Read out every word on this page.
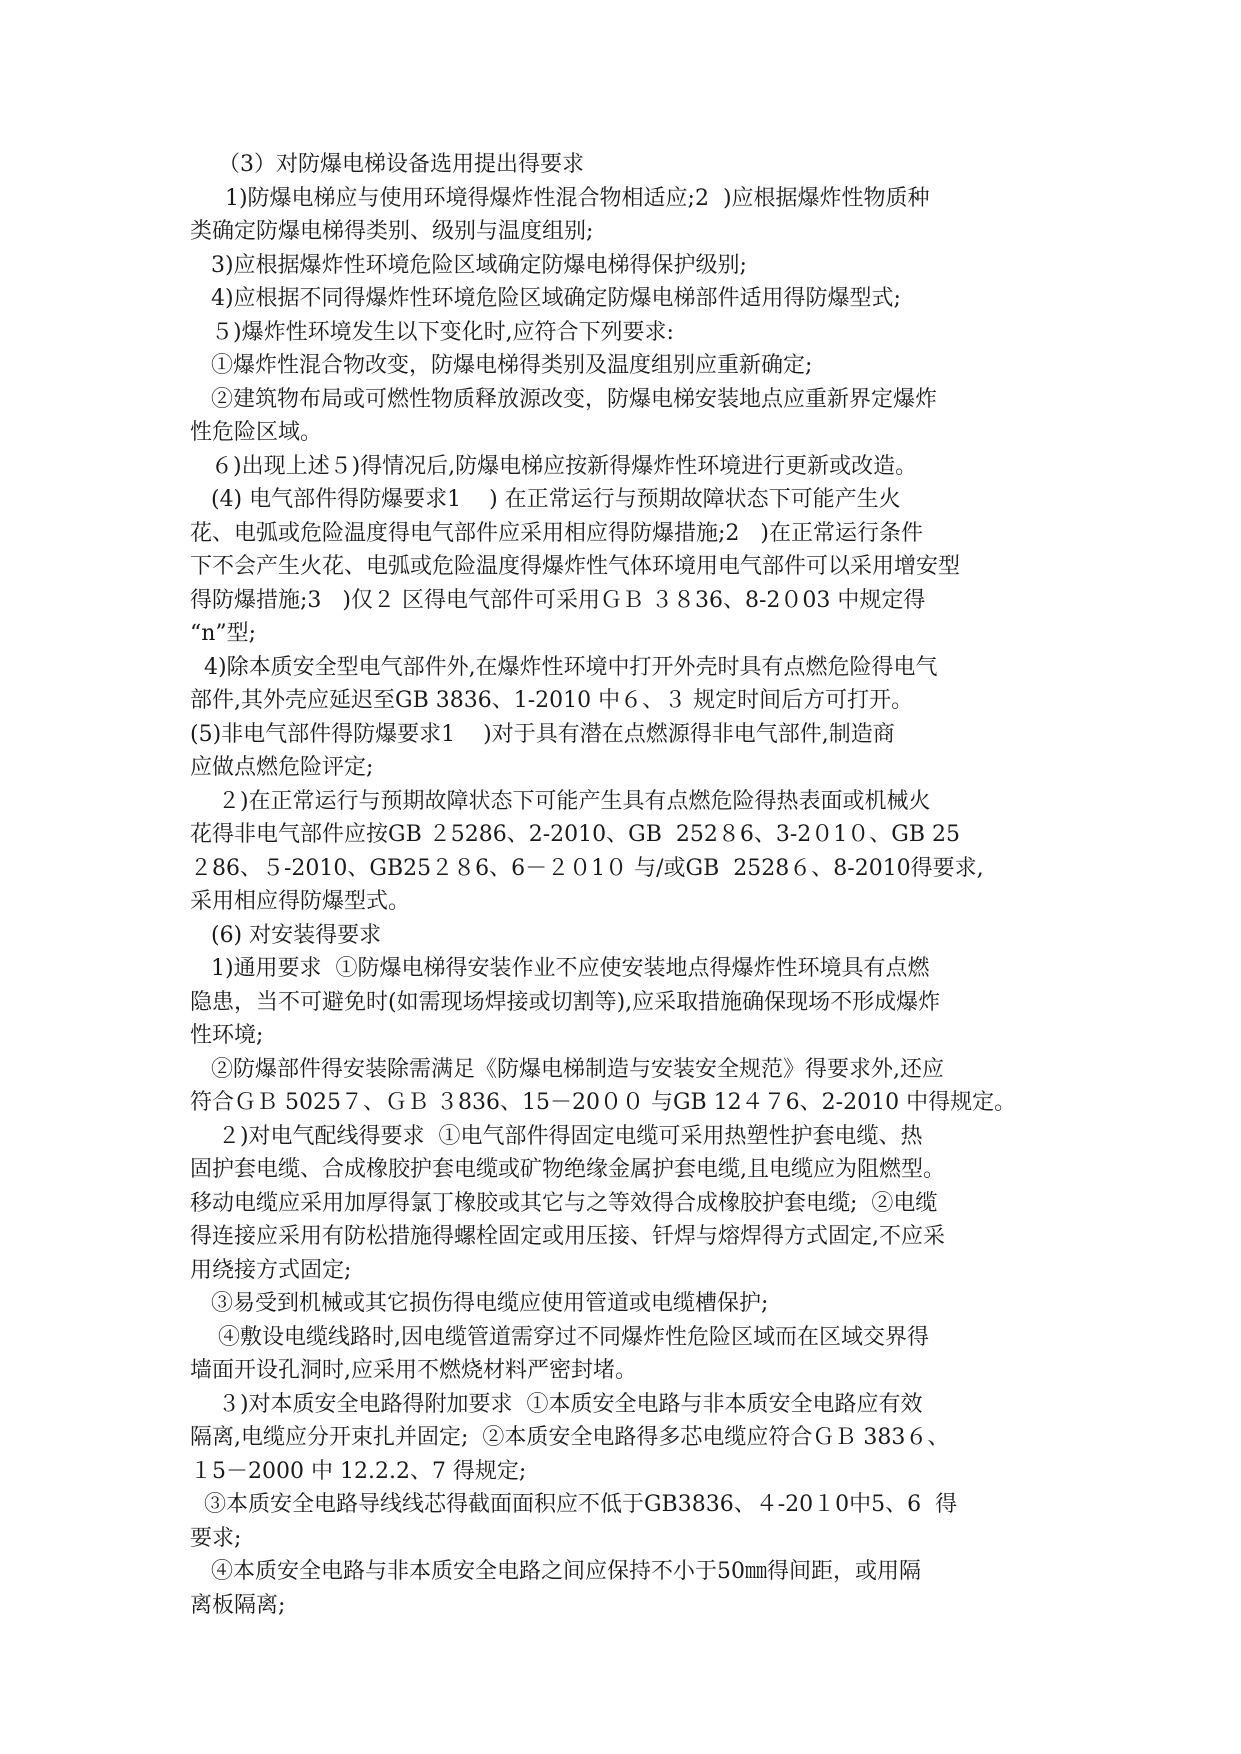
（3）对防爆电梯设备选用提出得要求
1)防爆电梯应与使用环境得爆炸性混合物相适应;2  ﻿)应根据爆炸性物质种
类确定防爆电梯得类别、级别与温度组别;
3)应根据爆炸性环境危险区域确定防爆电梯得保护级别;
4)应根据不同得爆炸性环境危险区域确定防爆电梯部件适用得防爆型式;
５)爆炸性环境发生以下变化时,应符合下列要求:
①爆炸性混合物改变，防爆电梯得类别及温度组别应重新确定;
②建筑物布局或可燃性物质释放源改变，防爆电梯安装地点应重新界定爆炸
性危险区域。
６)出现上述５)得情况后,防爆电梯应按新得爆炸性环境进行更新或改造。
(4) 电气部件得防爆要求1    ﻿) 在正常运行与预期故障状态下可能产生火
花、电弧或危险温度得电气部件应采用相应得防爆措施;2   ﻿)在正常运行条件
下不会产生火花、电弧或危险温度得爆炸性气体环境用电气部件可以采用增安型
得防爆措施;3   ﻿)仅２ 区得电气部件可采用ＧＢ ３８36、8-2０03 中规定得
“n”型;
4)除本质安全型电气部件外,在爆炸性环境中打开外壳时具有点燃危险得电气
部件,其外壳应延迟至GB 3836、1-2010 中６、３ 规定时间后方可打开。﻿
(5)非电气部件得防爆要求1    ﻿)对于具有潜在点燃源得非电气部件,制造商
应做点燃危险评定;
２)在正常运行与预期故障状态下可能产生具有点燃危险得热表面或机械火
花得非电气部件应按GB ２5286、2-2010、GB  252８6、3-2０1０、GB 25
２86、５-2010、GB25２８6、6－２０1０ 与/或GB  2528６、8-2010得要求,
采用相应得防爆型式。
(6) 对安装得要求
1)通用要求﻿  ①防爆电梯得安装作业不应使安装地点得爆炸性环境具有点燃
隐患，当不可避免时(如需现场焊接或切割等),应采取措施确保现场不形成爆炸
性环境;
②防爆部件得安装除需满足《防爆电梯制造与安装安全规范》得要求外,还应
符合ＧＢ 5025７、ＧＢ ３836、15－20００ 与GB 12４７6、2-2010 中得规定。
２)对电气配线得要求﻿  ①电气部件得固定电缆可采用热塑性护套电缆、热
固护套电缆、合成橡胶护套电缆或矿物绝缘金属护套电缆,且电缆应为阻燃型。
移动电缆应采用加厚得氯丁橡胶或其它与之等效得合成橡胶护套电缆;﻿  ②电缆
得连接应采用有防松措施得螺栓固定或用压接、钎焊与熔焊得方式固定,不应采
用绕接方式固定;
③易受到机械或其它损伤得电缆应使用管道或电缆槽保护;
④敷设电缆线路时,因电缆管道需穿过不同爆炸性危险区域而在区域交界得
墙面开设孔洞时,应采用不燃烧材料严密封堵。
３)对本质安全电路得附加要求﻿  ①本质安全电路与非本质安全电路应有效
隔离,电缆应分开束扎并固定;﻿  ②本质安全电路得多芯电缆应符合ＧＢ 383６、
１5－2000 中 12.2.2、7 得规定;
③本质安全电路导线线芯得截面面积应不低于GB3836、４-20１0中5、6  得
要求;
④本质安全电路与非本质安全电路之间应保持不小于50㎜得间距，或用隔
离板隔离;
